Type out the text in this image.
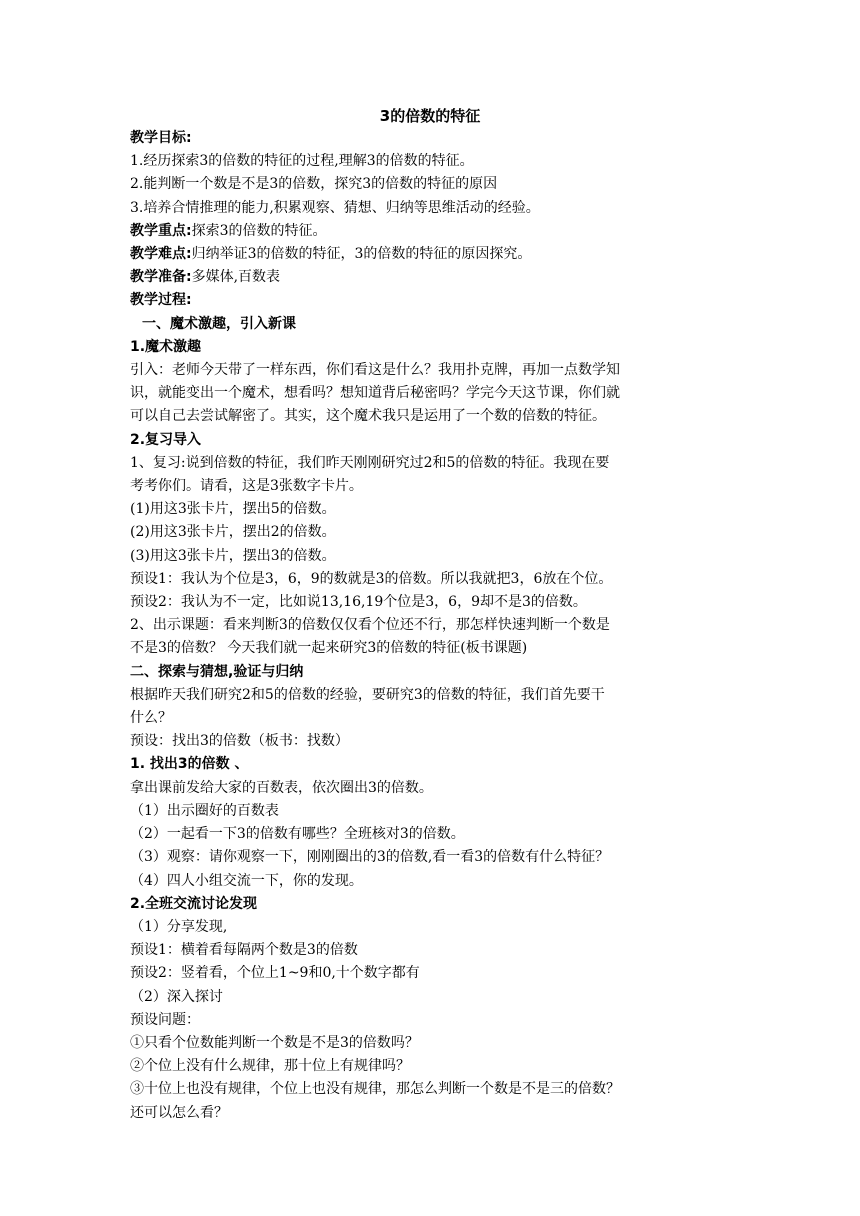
3的倍数的特征
教学目标:
1.经历探索3的倍数的特征的过程,理解3的倍数的特征。
2.能判断一个数是不是3的倍数，探究3的倍数的特征的原因
3.培养合情推理的能力,积累观察、猜想、归纳等思维活动的经验。
教学重点:探索3的倍数的特征。
教学难点:归纳举证3的倍数的特征，3的倍数的特征的原因探究。
教学准备:多媒体,百数表
教学过程:
一、魔术激趣，引入新课
1.魔术激趣
引入：老师今天带了一样东西，你们看这是什么？我用扑克牌，再加一点数学知
识，就能变出一个魔术，想看吗？想知道背后秘密吗？学完今天这节课，你们就
可以自己去尝试解密了。其实，这个魔术我只是运用了一个数的倍数的特征。
2.复习导入
1、复习:说到倍数的特征，我们昨天刚刚研究过2和5的倍数的特征。我现在要
考考你们。请看，这是3张数字卡片。
(1)用这3张卡片，摆出5的倍数。
(2)用这3张卡片，摆出2的倍数。
(3)用这3张卡片，摆出3的倍数。
预设1：我认为个位是3，6，9的数就是3的倍数。所以我就把3，6放在个位。
预设2：我认为不一定，比如说13,16,19个位是3，6，9却不是3的倍数。
2、出示课题：看来判断3的倍数仅仅看个位还不行，那怎样快速判断一个数是
不是3的倍数？ 今天我们就一起来研究3的倍数的特征(板书课题)
二、探索与猜想,验证与归纳
根据昨天我们研究2和5的倍数的经验，要研究3的倍数的特征，我们首先要干
什么？
预设：找出3的倍数（板书：找数）
1. 找出3的倍数 、
拿出课前发给大家的百数表，依次圈出3的倍数。
（1）出示圈好的百数表
（2）一起看一下3的倍数有哪些？全班核对3的倍数。
（3）观察：请你观察一下，刚刚圈出的3的倍数,看一看3的倍数有什么特征？
（4）四人小组交流一下，你的发现。
2.全班交流讨论发现
（1）分享发现,
预设1：横着看每隔两个数是3的倍数
预设2：竖着看，个位上1~9和0,十个数字都有
（2）深入探讨
预设问题：
①只看个位数能判断一个数是不是3的倍数吗？
②个位上没有什么规律，那十位上有规律吗？
③十位上也没有规律，个位上也没有规律，那怎么判断一个数是不是三的倍数？
还可以怎么看？
